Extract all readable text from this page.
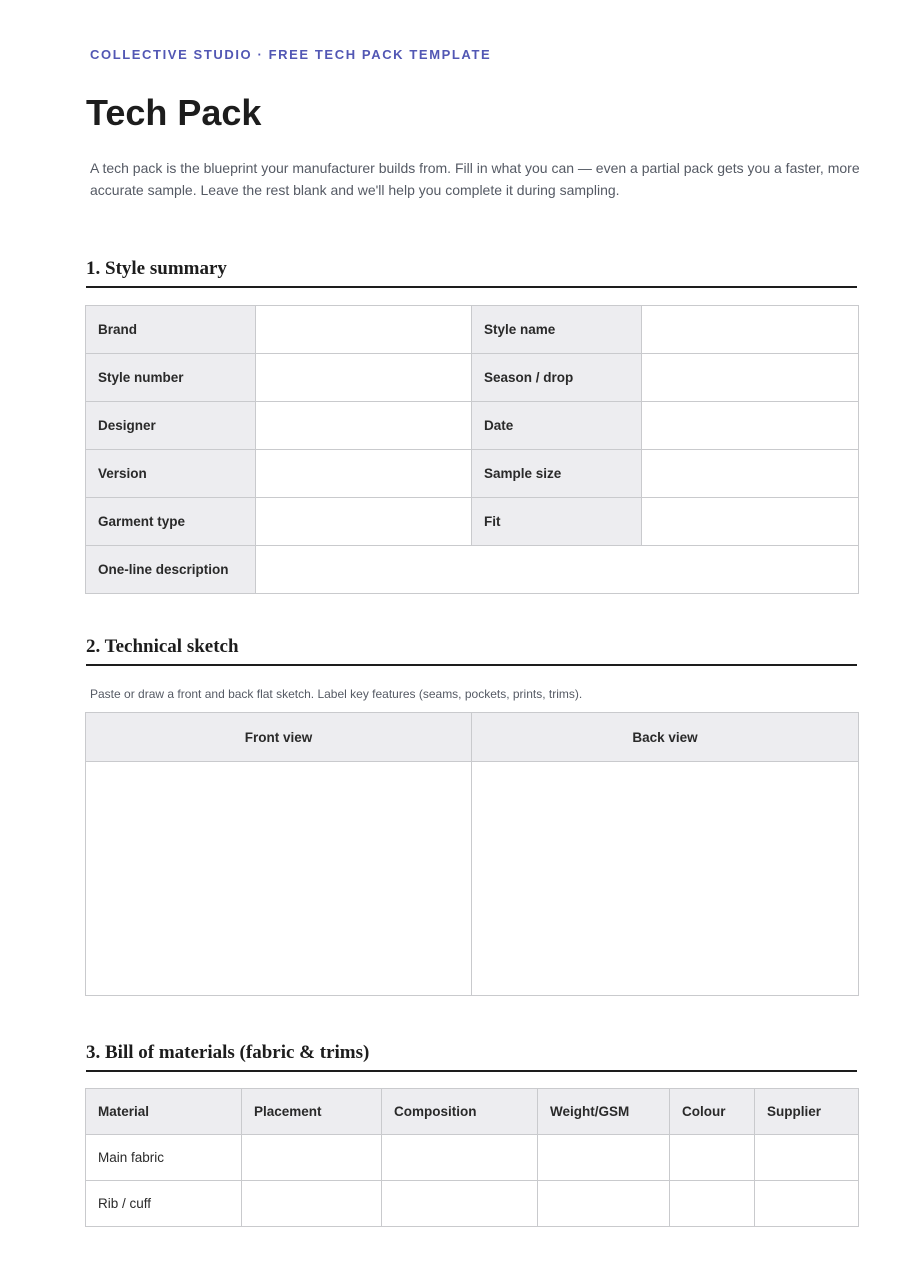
COLLECTIVE STUDIO · FREE TECH PACK TEMPLATE
Tech Pack

A tech pack is the blueprint your manufacturer builds from. Fill in what you can — even a partial pack gets you a faster, more accurate sample. Leave the rest blank and we'll help you complete it during sampling.

1. Style summary
Brand		Style name	
Style number		Season / drop	
Designer		Date	
Version		Sample size	
Garment type		Fit	
One-line description			
2. Technical sketch

Paste or draw a front and back flat sketch. Label key features (seams, pockets, prints, trims).

Front view	Back view

3. Bill of materials (fabric & trims)
Material	Placement	Composition	Weight/GSM	Colour	Supplier
Main fabric					
Rib / cuff					
